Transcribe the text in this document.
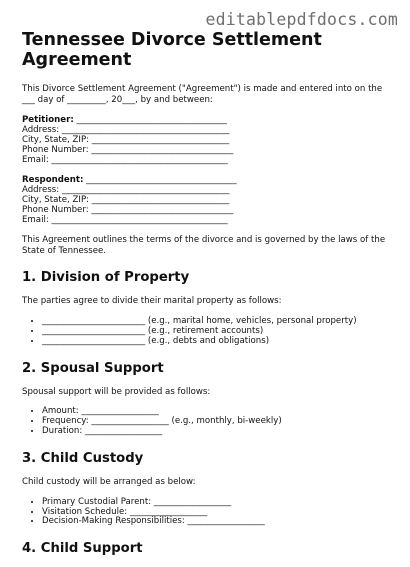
editablepdfdocs.com
Tennessee Divorce Settlement Agreement

This Divorce Settlement Agreement ("Agreement") is made and entered into on the ___ day of _________, 20___, by and between:

Petitioner: ___________________________________
Address: _______________________________________
City, State, ZIP: ________________________________
Phone Number: _________________________________
Email: _________________________________________
Respondent: ___________________________________
Address: _______________________________________
City, State, ZIP: ________________________________
Phone Number: _________________________________
Email: _________________________________________

This Agreement outlines the terms of the divorce and is governed by the laws of the State of Tennessee.

1. Division of Property

The parties agree to divide their marital property as follows:

• ________________________ (e.g., marital home, vehicles, personal property)
• ________________________ (e.g., retirement accounts)
• ________________________ (e.g., debts and obligations)
2. Spousal Support

Spousal support will be provided as follows:

• Amount: __________________
• Frequency: __________________ (e.g., monthly, bi-weekly)
• Duration: __________________
3. Child Custody

Child custody will be arranged as below:

• Primary Custodial Parent: __________________
• Visitation Schedule: __________________
• Decision-Making Responsibilities: __________________
4. Child Support
